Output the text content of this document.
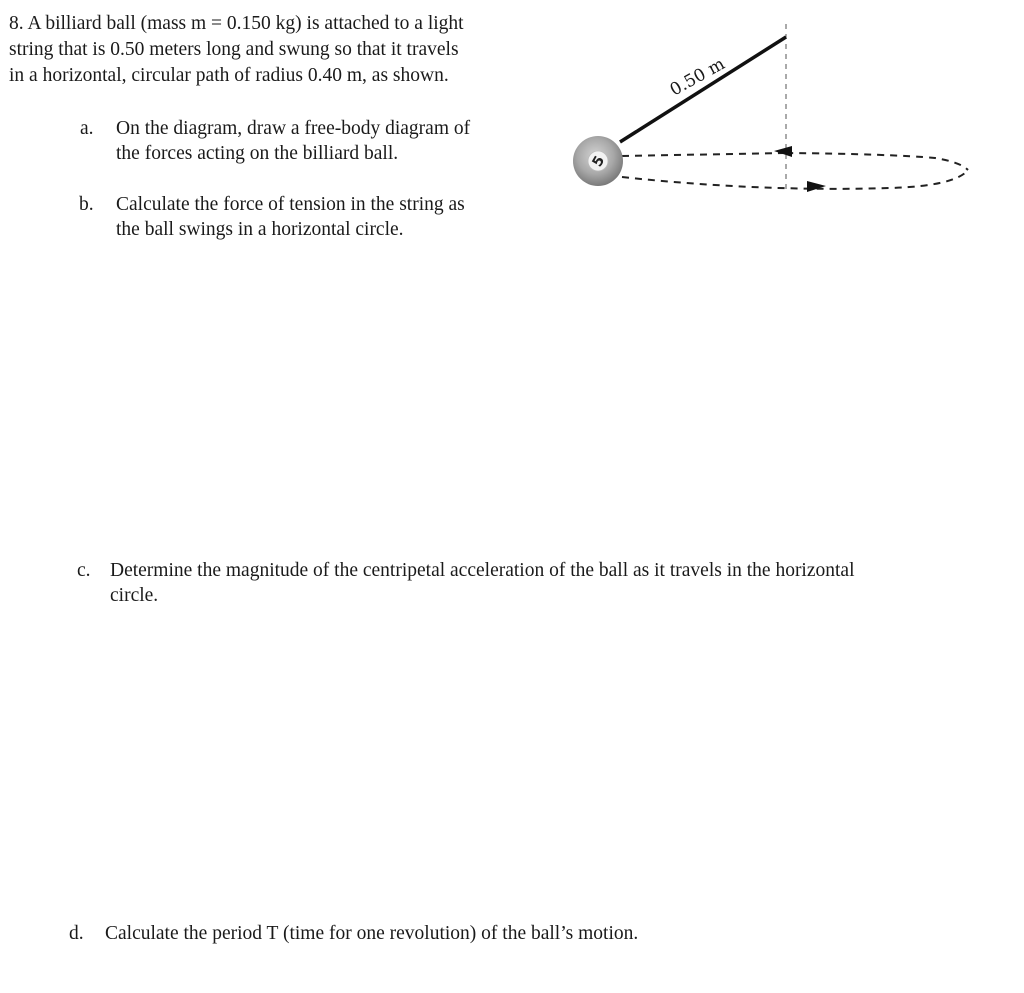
8. A billiard ball (mass m = 0.150 kg) is attached to a light
string that is 0.50 meters long and swung so that it travels
in a horizontal, circular path of radius 0.40 m, as shown.
a. On the diagram, draw a free-body diagram of
the forces acting on the billiard ball.
b. Calculate the force of tension in the string as
the ball swings in a horizontal circle.
c. Determine the magnitude of the centripetal acceleration of the ball as it travels in the horizontal
circle.
d. Calculate the period T (time for one revolution) of the ball’s motion.
0.50 m
5
